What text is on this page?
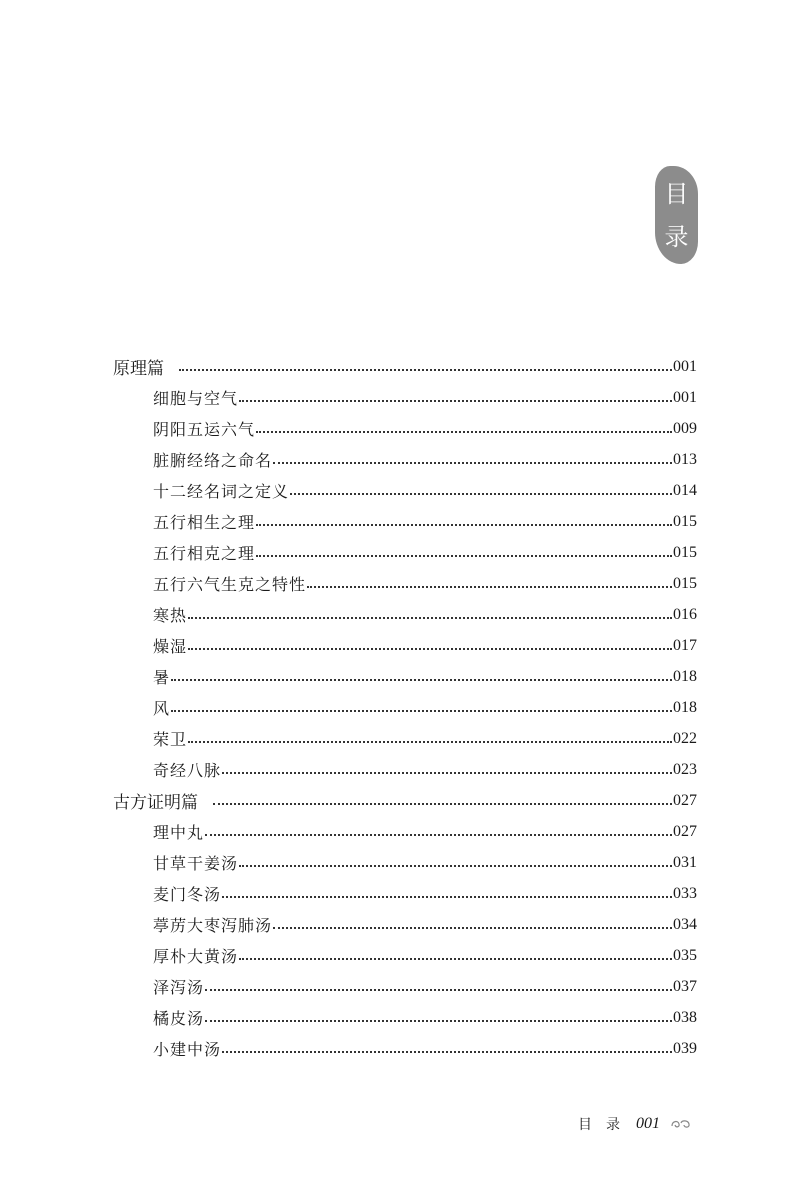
目
录
原理篇	001
细胞与空气	001
阴阳五运六气	009
脏腑经络之命名	013
十二经名词之定义	014
五行相生之理	015
五行相克之理	015
五行六气生克之特性	015
寒热	016
燥湿	017
暑	018
风	018
荣卫	022
奇经八脉	023
古方证明篇	027
理中丸	027
甘草干姜汤	031
麦门冬汤	033
葶苈大枣泻肺汤	034
厚朴大黄汤	035
泽泻汤	037
橘皮汤	038
小建中汤	039
目录 001
